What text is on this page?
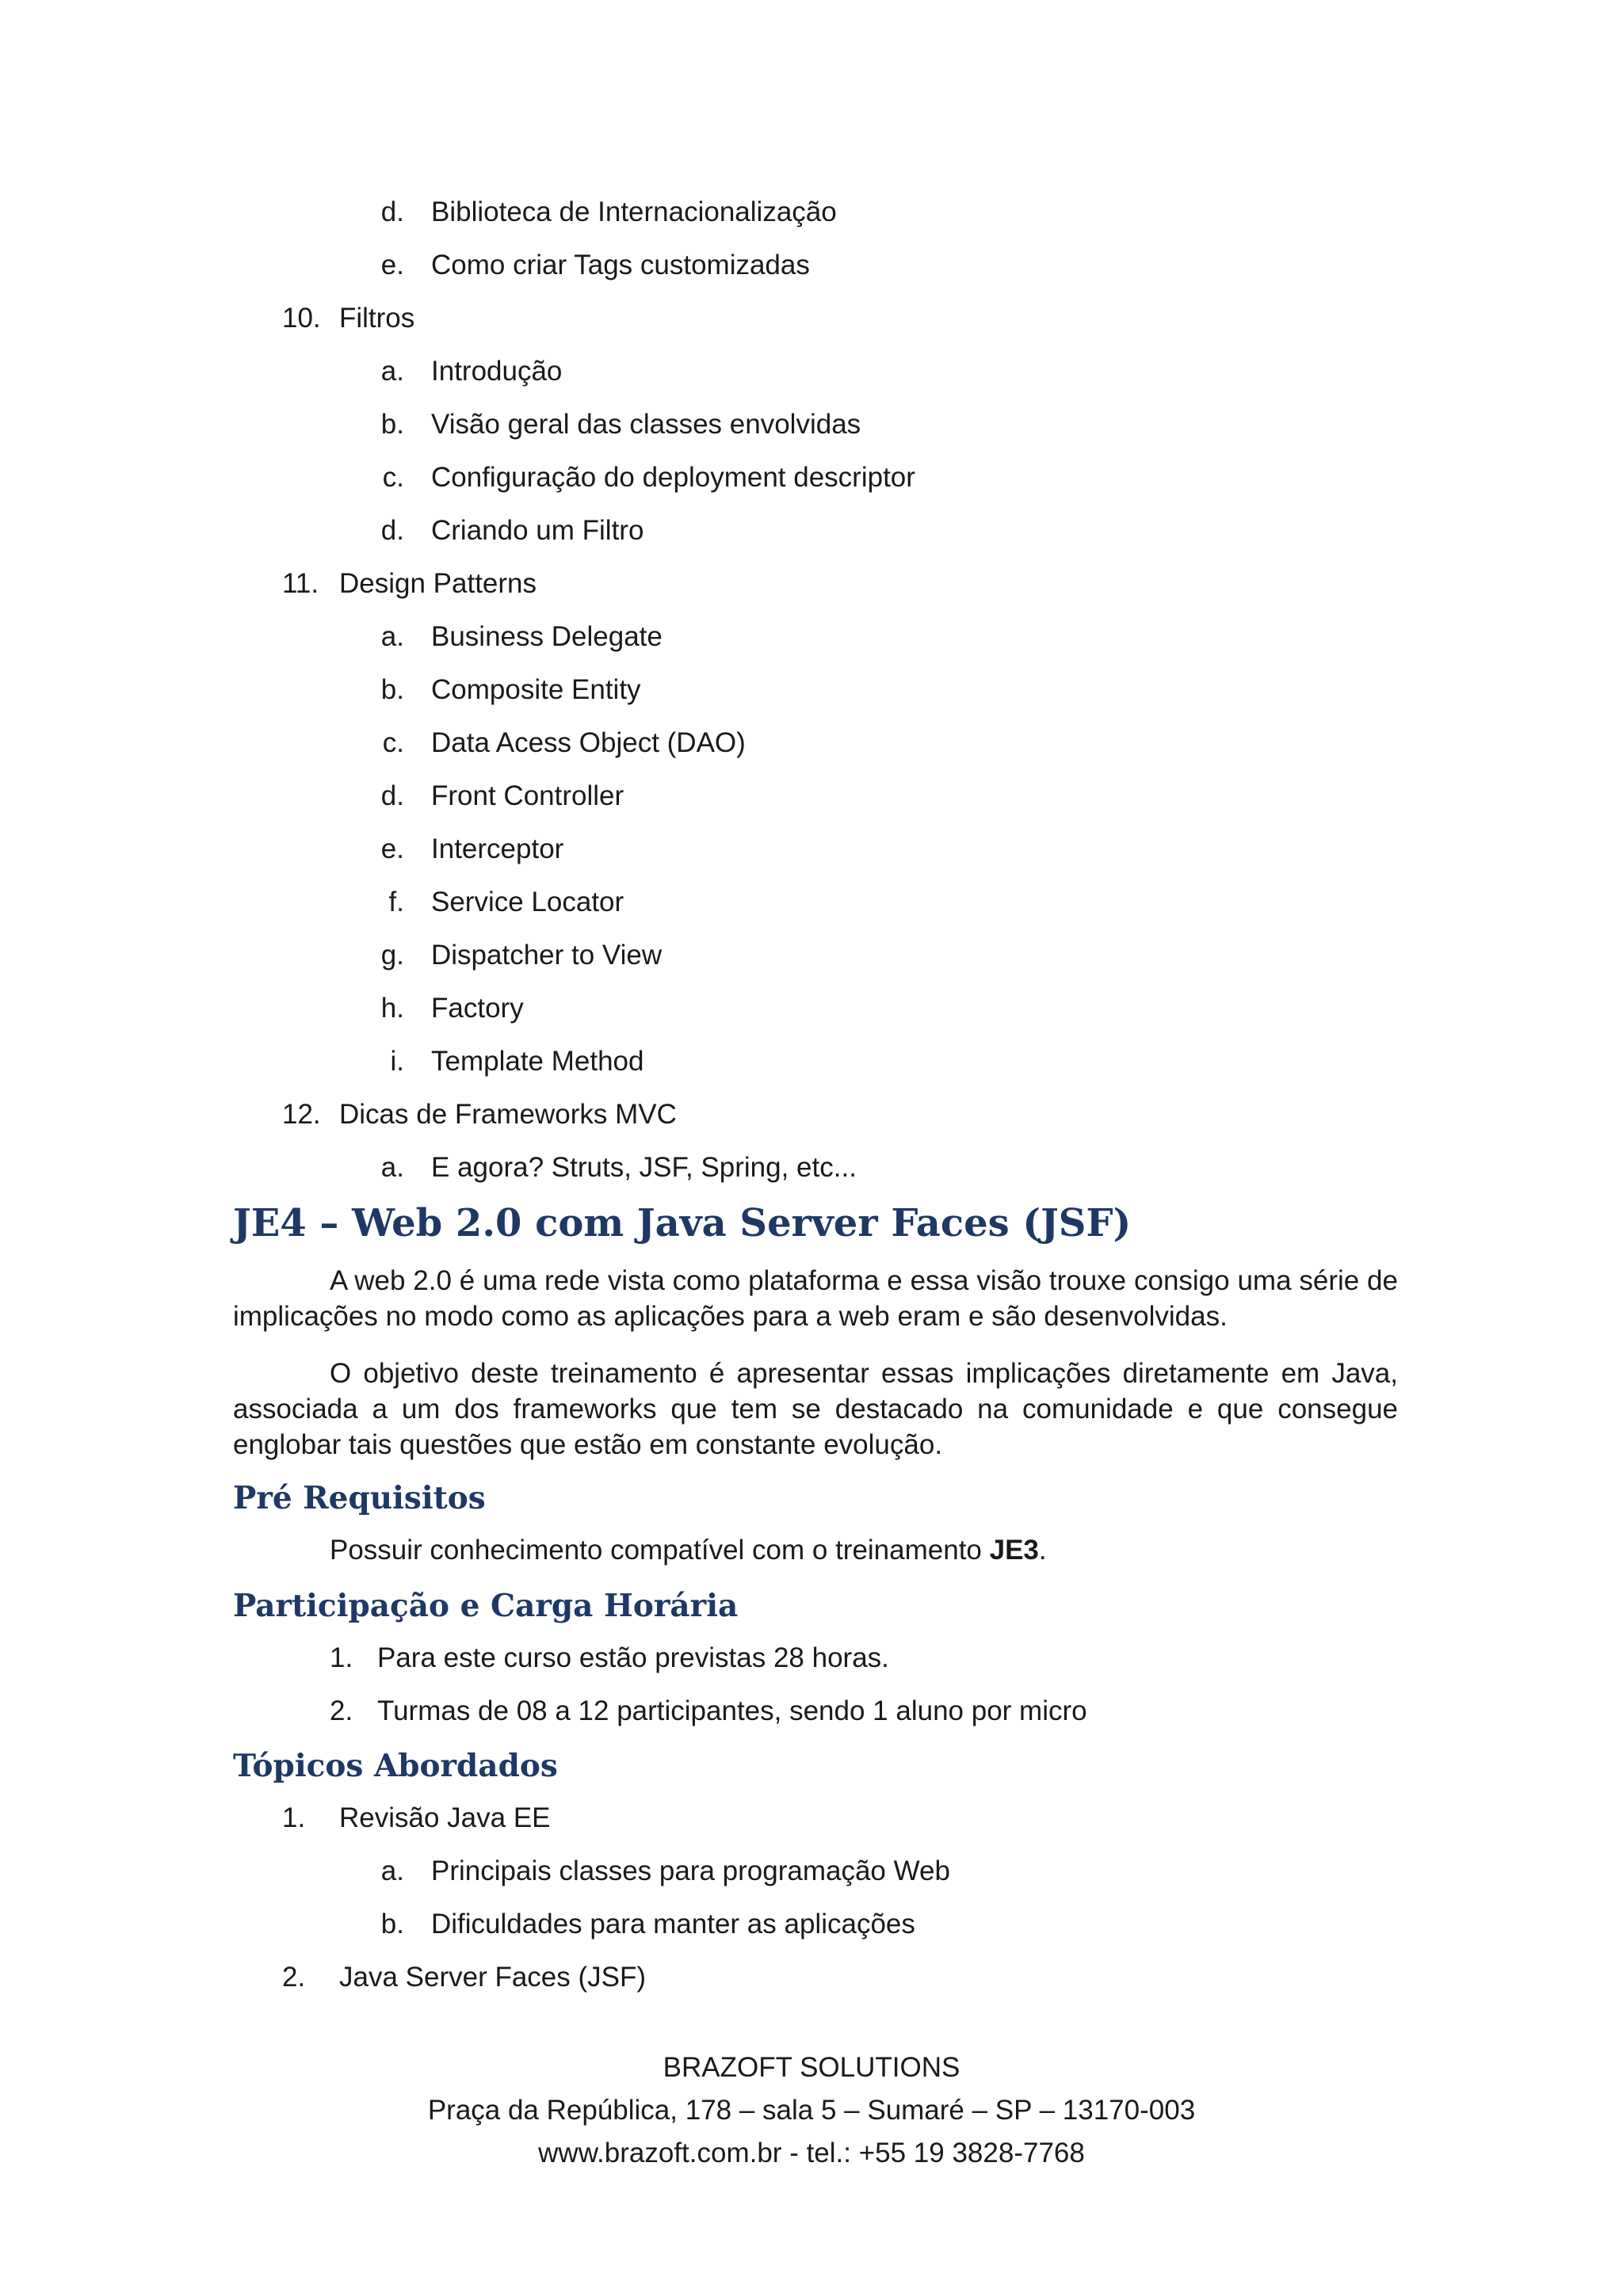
d. Biblioteca de Internacionalização
e. Como criar Tags customizadas
10. Filtros
a. Introdução
b. Visão geral das classes envolvidas
c. Configuração do deployment descriptor
d. Criando um Filtro
11. Design Patterns
a. Business Delegate
b. Composite Entity
c. Data Acess Object (DAO)
d. Front Controller
e. Interceptor
f. Service Locator
g. Dispatcher to View
h. Factory
i. Template Method
12. Dicas de Frameworks MVC
a. E agora? Struts, JSF, Spring, etc...
JE4 – Web 2.0 com Java Server Faces (JSF)

A web 2.0 é uma rede vista como plataforma e essa visão trouxe consigo uma série de implicações no modo como as aplicações para a web eram e são desenvolvidas.

O objetivo deste treinamento é apresentar essas implicações diretamente em Java, associada a um dos frameworks que tem se destacado na comunidade e que consegue englobar tais questões que estão em constante evolução.

Pré Requisitos
Possuir conhecimento compatível com o treinamento JE3.
Participação e Carga Horária
1. Para este curso estão previstas 28 horas.
2. Turmas de 08 a 12 participantes, sendo 1 aluno por micro
Tópicos Abordados
1. Revisão Java EE
a. Principais classes para programação Web
b. Dificuldades para manter as aplicações
2. Java Server Faces (JSF)
BRAZOFT SOLUTIONS
Praça da República, 178 – sala 5 – Sumaré – SP – 13170-003
www.brazoft.com.br - tel.: +55 19 3828-7768
